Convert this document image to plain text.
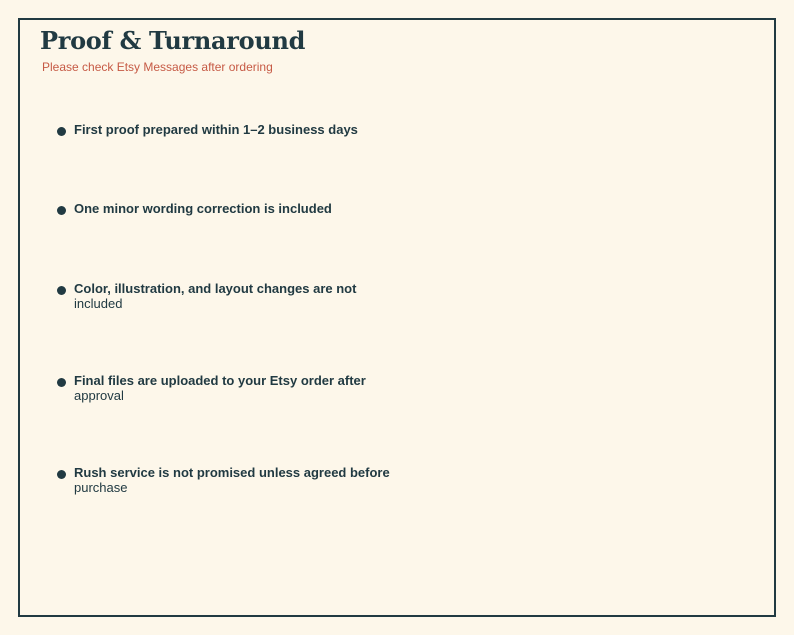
Proof & Turnaround

Please check Etsy Messages after ordering

First proof prepared within 1–2 business days
One minor wording correction is included
Color, illustration, and layout changes are not
included
Final files are uploaded to your Etsy order after
approval
Rush service is not promised unless agreed before
purchase
